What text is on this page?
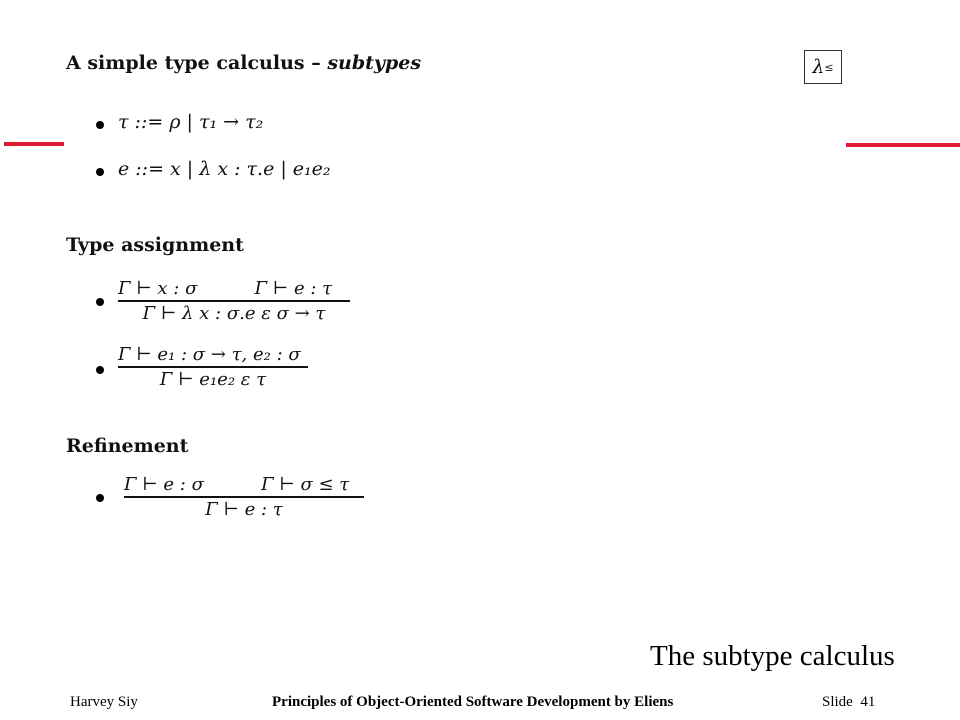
A simple type calculus – subtypes	λ ≤
τ ::= ρ | τ₁ → τ₂
e ::= x | λ x : τ.e | e₁e₂
Type assignment
Γ ⊢ x : σ          Γ ⊢ e : τ
Γ ⊢ λ x : σ.e ε σ → τ
Γ ⊢ e₁ : σ → τ, e₂ : σ
Γ ⊢ e₁e₂ ε τ
Refinement
Γ ⊢ e : σ          Γ ⊢ σ ≤ τ
Γ ⊢ e : τ
The subtype calculus
Harvey Siy	Principles of Object-Oriented Software Development by Eliens	Slide 41
